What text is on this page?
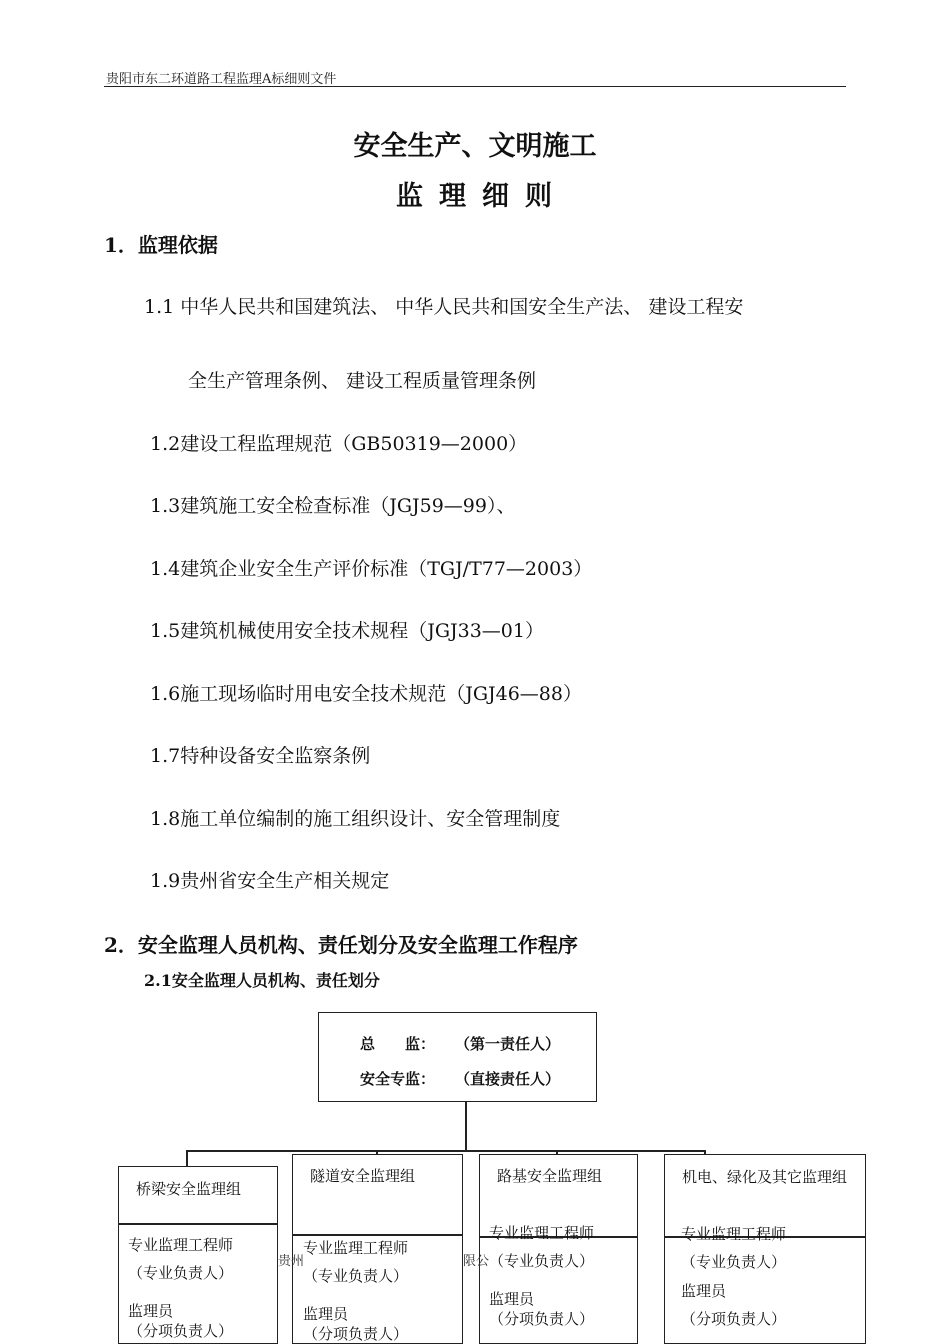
贵阳市东二环道路工程监理A标细则文件
安全生产、文明施工
监理细则
1．监理依据
1.1 中华人民共和国建筑法、 中华人民共和国安全生产法、 建设工程安
全生产管理条例、 建设工程质量管理条例
1.2建设工程监理规范（GB50319—2000）
1.3建筑施工安全检查标准（JGJ59—99）、
1.4建筑企业安全生产评价标准（TGJ/T77—2003）
1.5建筑机械使用安全技术规程（JGJ33—01）
1.6施工现场临时用电安全技术规范（JGJ46—88）
1.7特种设备安全监察条例
1.8施工单位编制的施工组织设计、安全管理制度
1.9贵州省安全生产相关规定
2．安全监理人员机构、责任划分及安全监理工作程序
2.1安全监理人员机构、责任划分
总　　监： （第一责任人）
安全专监： （直接责任人）
桥梁安全监理组
专业监理工程师
（专业负责人）
监理员
（分项负责人）
隧道安全监理组
专业监理工程师
（专业负责人）
监理员
（分项负责人）
路基安全监理组
专业监理工程师
（专业负责人）
监理员
（分项负责人）
机电、绿化及其它监理组
专业监理工程师
（专业负责人）
监理员
（分项负责人）
贵州	限公
